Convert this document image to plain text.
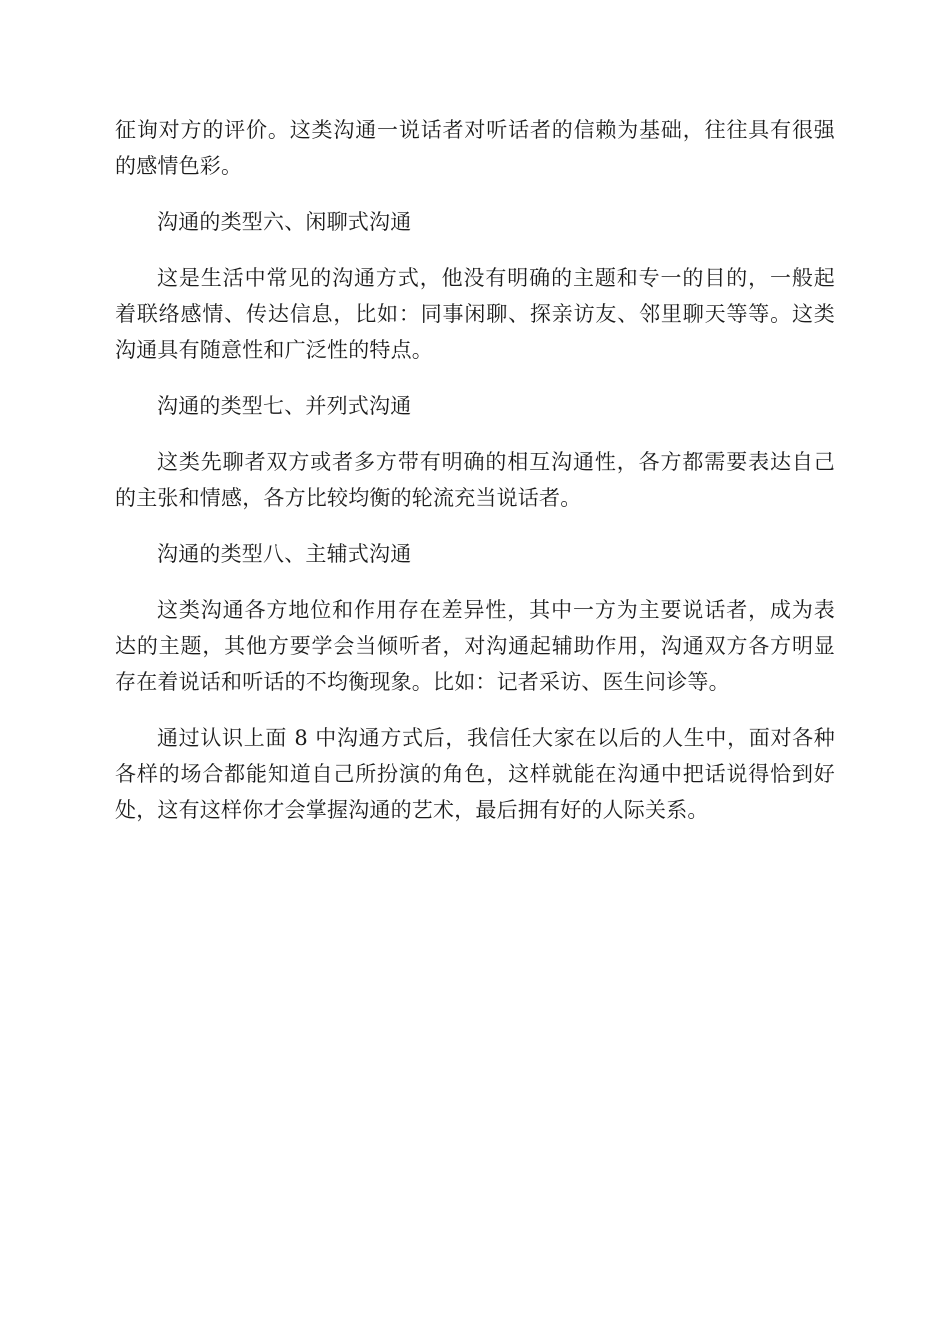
征询对方的评价。这类沟通一说话者对听话者的信赖为基础，往往具有很强的感情色彩。

沟通的类型六、闲聊式沟通

这是生活中常见的沟通方式，他没有明确的主题和专一的目的，一般起着联络感情、传达信息，比如：同事闲聊、探亲访友、邻里聊天等等。这类沟通具有随意性和广泛性的特点。

沟通的类型七、并列式沟通

这类先聊者双方或者多方带有明确的相互沟通性，各方都需要表达自己的主张和情感，各方比较均衡的轮流充当说话者。

沟通的类型八、主辅式沟通

这类沟通各方地位和作用存在差异性，其中一方为主要说话者，成为表达的主题，其他方要学会当倾听者，对沟通起辅助作用，沟通双方各方明显存在着说话和听话的不均衡现象。比如：记者采访、医生问诊等。

通过认识上面 8 中沟通方式后，我信任大家在以后的人生中，面对各种各样的场合都能知道自己所扮演的角色，这样就能在沟通中把话说得恰到好处，这有这样你才会掌握沟通的艺术，最后拥有好的人际关系。
